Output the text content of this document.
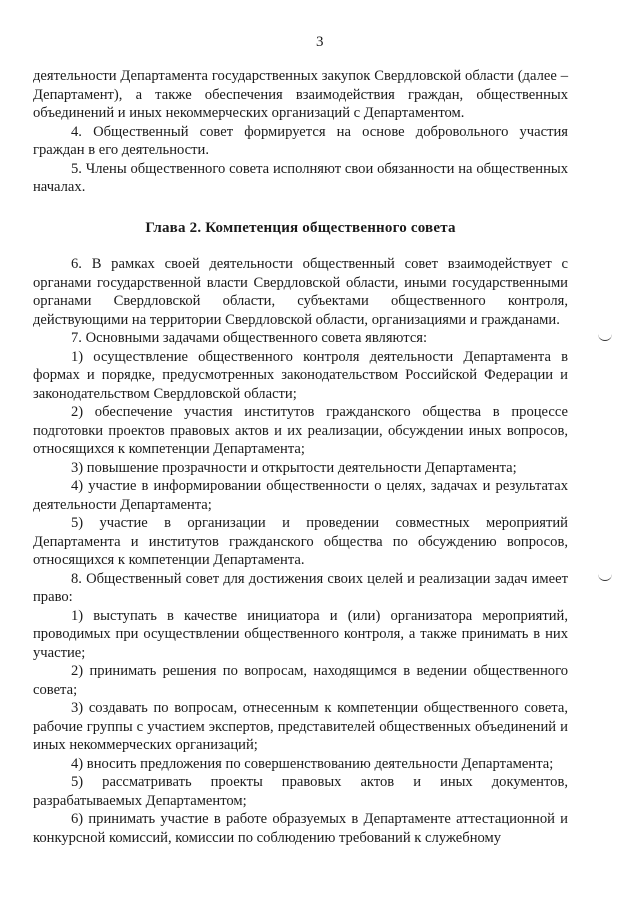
3

деятельности Департамента государственных закупок Свердловской области (далее – Департамент), а также обеспечения взаимодействия граждан, общественных объединений и иных некоммерческих организаций с Департаментом.

4. Общественный совет формируется на основе добровольного участия граждан в его деятельности.

5. Члены общественного совета исполняют свои обязанности на общественных началах.

Глава 2. Компетенция общественного совета

6. В рамках своей деятельности общественный совет взаимодействует с органами государственной власти Свердловской области, иными государственными органами Свердловской области, субъектами общественного контроля, действующими на территории Свердловской области, организациями и гражданами.

7. Основными задачами общественного совета являются:

1) осуществление общественного контроля деятельности Департамента в формах и порядке, предусмотренных законодательством Российской Федерации и законодательством Свердловской области;

2) обеспечение участия институтов гражданского общества в процессе подготовки проектов правовых актов и их реализации, обсуждении иных вопросов, относящихся к компетенции Департамента;

3) повышение прозрачности и открытости деятельности Департамента;

4) участие в информировании общественности о целях, задачах и результатах деятельности Департамента;

5) участие в организации и проведении совместных мероприятий Департамента и институтов гражданского общества по обсуждению вопросов, относящихся к компетенции Департамента.

8. Общественный совет для достижения своих целей и реализации задач имеет право:

1) выступать в качестве инициатора и (или) организатора мероприятий, проводимых при осуществлении общественного контроля, а также принимать в них участие;

2) принимать решения по вопросам, находящимся в ведении общественного совета;

3) создавать по вопросам, отнесенным к компетенции общественного совета, рабочие группы с участием экспертов, представителей общественных объединений и иных некоммерческих организаций;

4) вносить предложения по совершенствованию деятельности Департамента;

5) рассматривать проекты правовых актов и иных документов, разрабатываемых Департаментом;

6) принимать участие в работе образуемых в Департаменте аттестационной и конкурсной комиссий, комиссии по соблюдению требований к служебному
